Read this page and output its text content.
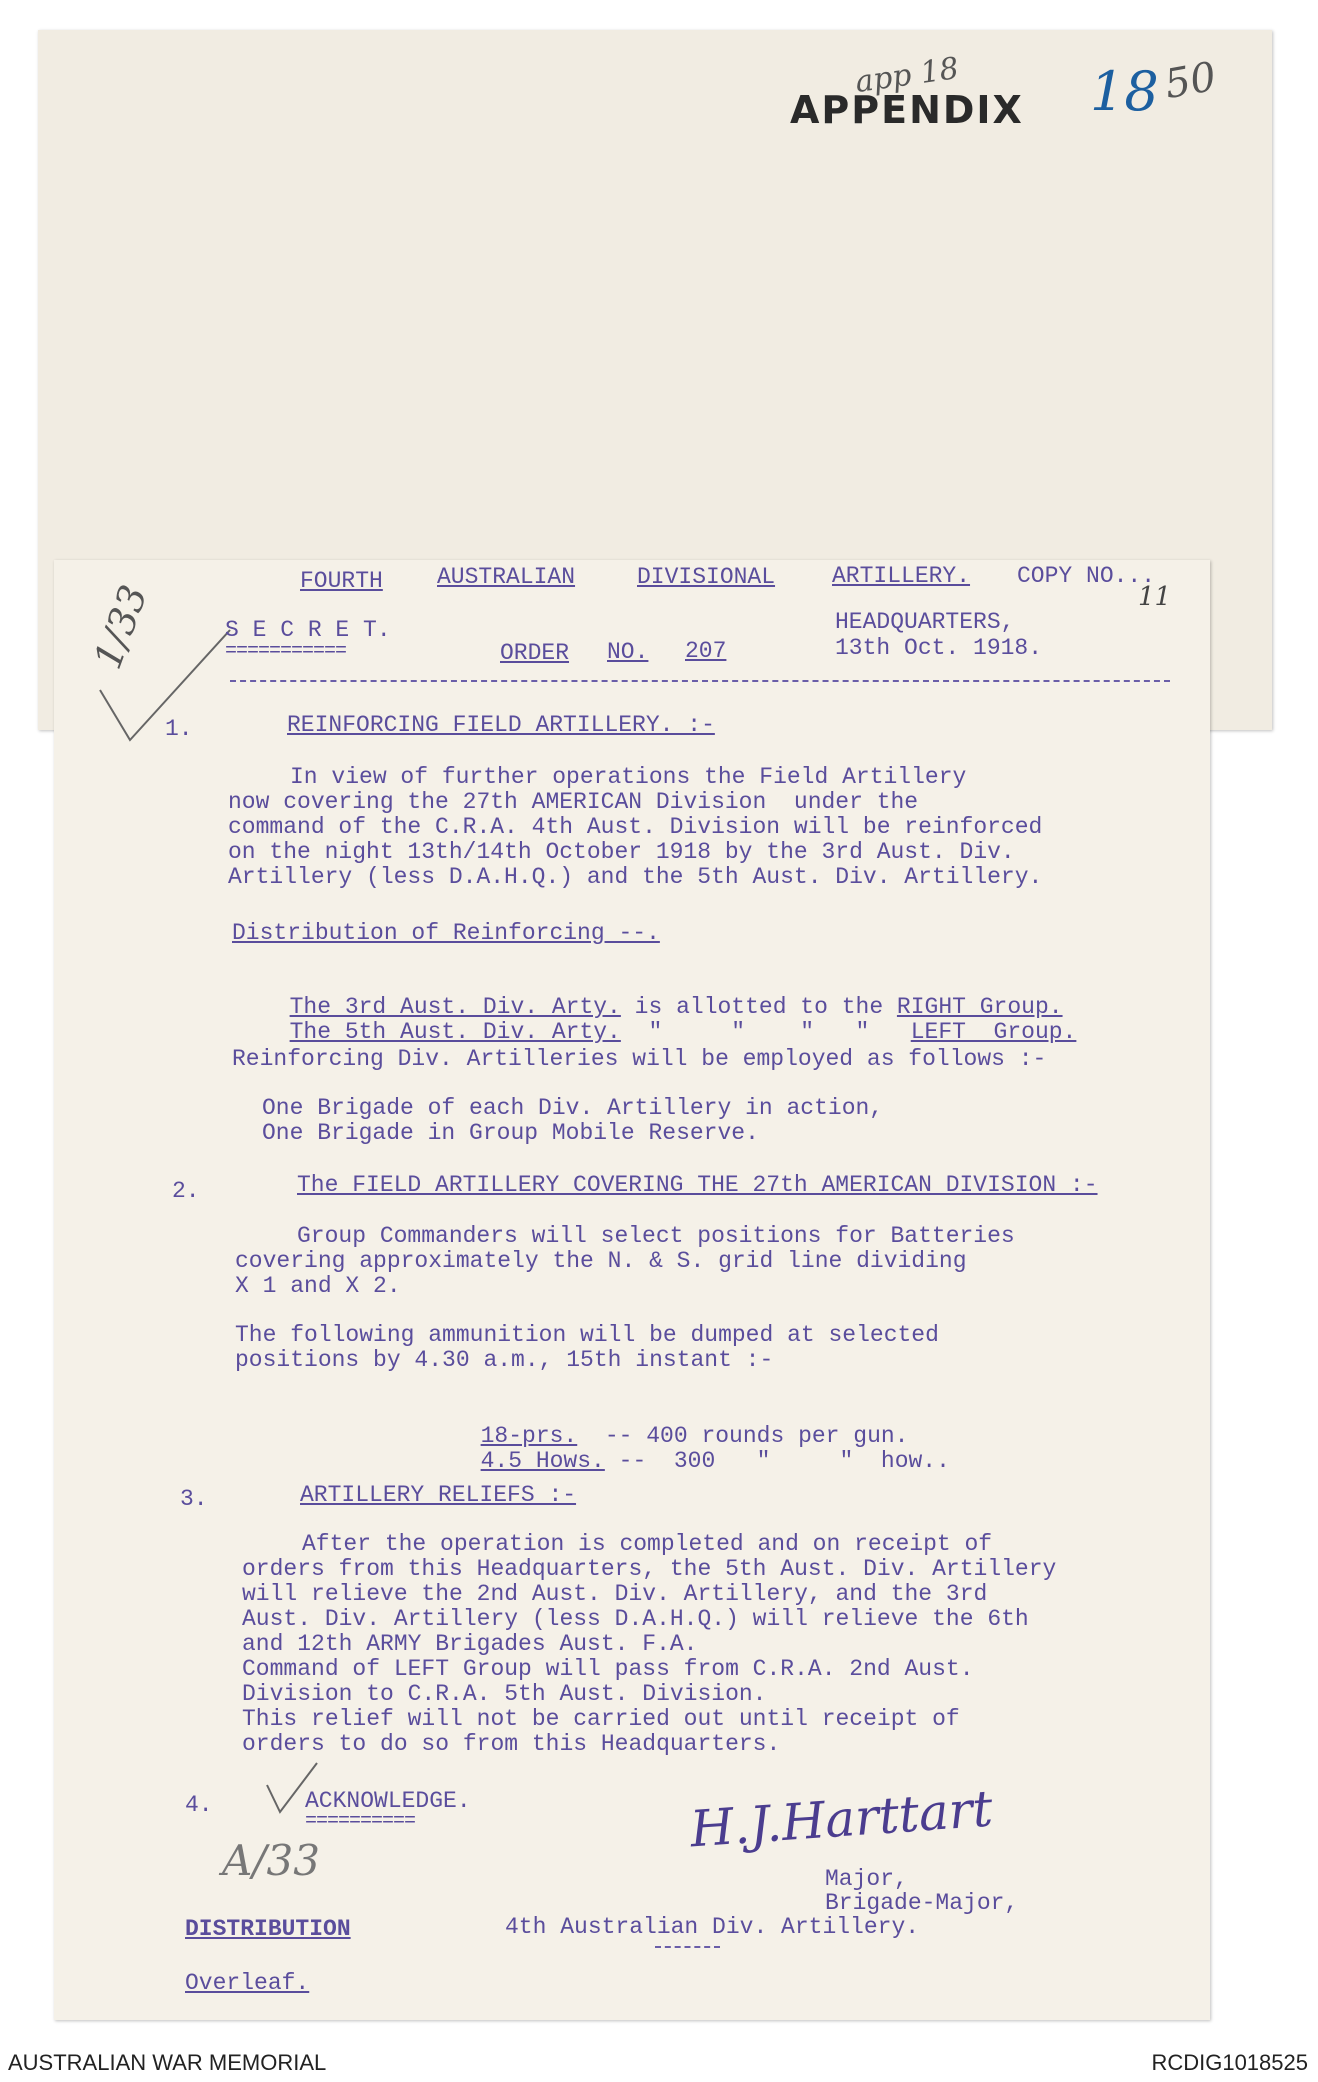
APPENDIX
app 18 18 50
1/33	FOURTH AUSTRALIAN	DIVISIONAL ARTILLERY. COPY NO...
11
S E C R E T.
===========	ORDER NO. 207
HEADQUARTERS,
13th Oct. 1918.
1.	REINFORCING FIELD ARTILLERY. :-
In view of further operations the Field Artillery
now covering the 27th AMERICAN Division  under the
command of the C.R.A. 4th Aust. Division will be reinforced
on the night 13th/14th October 1918 by the 3rd Aust. Div.
Artillery (less D.A.H.Q.) and the 5th Aust. Div. Artillery.
Distribution of Reinforcing --.

The 3rd Aust. Div. Arty. is allotted to the RIGHT Group.

The 5th Aust. Div. Arty.  "     "    "   "   LEFT  Group.

Reinforcing Div. Artilleries will be employed as follows :-
One Brigade of each Div. Artillery in action,
One Brigade in Group Mobile Reserve.
2.	The FIELD ARTILLERY COVERING THE 27th AMERICAN DIVISION :-
Group Commanders will select positions for Batteries
covering approximately the N. & S. grid line dividing
X 1 and X 2.
The following ammunition will be dumped at selected
positions by 4.30 a.m., 15th instant :-

18-prs.  -- 400 rounds per gun.

4.5 Hows. --  300   "     "  how..

3.	ARTILLERY RELIEFS :-
After the operation is completed and on receipt of
orders from this Headquarters, the 5th Aust. Div. Artillery
will relieve the 2nd Aust. Div. Artillery, and the 3rd
Aust. Div. Artillery (less D.A.H.Q.) will relieve the 6th
and 12th ARMY Brigades Aust. F.A.
Command of LEFT Group will pass from C.R.A. 2nd Aust.
Division to C.R.A. 5th Aust. Division.
This relief will not be carried out until receipt of
orders to do so from this Headquarters.
4.	ACKNOWLEDGE.
==========
A/33
H.J.Harttart
Major,
Brigade-Major,
4th Australian Div. Artillery.
DISTRIBUTION
Overleaf.
AUSTRALIAN WAR MEMORIAL	RCDIG1018525
